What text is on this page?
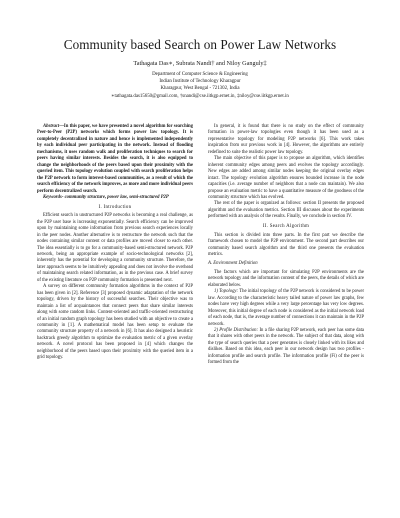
Community based Search on Power Law Networks
Tathagata Das∗, Subrata Nandi† and Niloy Ganguly‡
Department of Computer Science & Engineering
Indian Institute of Technology Kharagpur
Kharagpur, West Bengal - 721302, India
∗tathagata.das15650@gmail.com, †snandi@cse.iitkgp.ernet.in, ‡niloy@cse.iitkgp.ernet.in

Abstract—In this paper, we have presented a novel algorithm for searching Peer-to-Peer (P2P) networks which forms power law topology. It is completely decentralized in nature and hence is implemented independently by each individual peer participating in the network. Instead of flooding mechanisms, it uses random walk and proliferation techniques to search for peers having similar interests. Besides the search, it is also equipped to change the neighborhoods of the peers based upon their proximity with the queried item. This topology evolution coupled with search proliferation helps the P2P network to form interest-based communities, as a result of which the search efficiency of the network improves, as more and more individual peers perform decentralized search.

Keywords- community structure, power law, semi-structured P2P

I. Introduction

Efficient search in unstructured P2P networks is becoming a real challenge, as the P2P user base is increasing exponentially. Search efficiency can be improved upon by maintaining some information from previous search experiences locally in the peer nodes. Another alternative is to restructure the network such that the nodes containing similar content or data profiles are moved closer to each other. The idea essentially is to go for a community-based semi-structured network. P2P network, being an appropriate example of socio-technological networks [2], inherently has the potential for developing a community structure. Therefore, the later approach seems to be intuitively appealing and does not involve the overhead of maintaining search related information, as in the previous case. A brief survey of the existing literature on P2P community formation is presented next.

A survey on different community formation algorithms in the context of P2P has been given in [2]. Reference [3] proposed dynamic adaptation of the network topology, driven by the history of successful searches. Their objective was to maintain a list of acquaintances that connect peers that share similar interests along with some random links. Content-oriented and traffic-oriented restructuring of an initial random graph topology has been studied with an objective to create a community in [1]. A mathematical model has been setup to evaluate the community structure property of a network in [6]. It has also designed a heuristic backtrack greedy algorithm to optimize the evaluation metric of a given overlay network. A novel protocol has been proposed in [4] which changes the neighborhood of the peers based upon their proximity with the queried item in a grid topology.

In general, it is found that there is no study on the effect of community formation in power-law topologies even though it has been used as a representative topology for modeling P2P networks [6]. This work takes inspiration from our previous work in [4]. However, the algorithms are entirely redefined to suite the realistic power law topology.

The main objective of this paper is to propose an algorithm, which identifies inherent community edges among peers and evolves the topology accordingly. New edges are added among similar nodes keeping the original overlay edges intact. The topology evolution algorithm ensures bounded increase in the node capacities (i.e. average number of neighbors that a node can maintain). We also propose an evaluation metric to have a quantitative measure of the goodness of the community structure which has evolved.

The rest of the paper is organized as follows: section II presents the proposed algorithm and the evaluation metrics. Section III discusses about the experiments performed with an analysis of the results. Finally, we conclude in section IV.

II. Search Algorithm

This section is divided into three parts. In the first part we describe the framework chosen to model the P2P environment. The second part describes our community based search algorithm and the third one presents the evaluation metrics.

A. Environment Definition

The factors which are important for simulating P2P environments are the network topology and the information content of the peers, the details of which are elaborated below.

1) Topology: The initial topology of the P2P network is considered to be power law. According to the characteristic heavy tailed nature of power law graphs, few nodes have very high degrees while a very large percentage has very low degrees. Moreover, this initial degree of each node is considered as the initial network load of each node, that is, the average number of connections it can maintain in the P2P network.

2) Profile Distribution: In a file sharing P2P network, each peer has some data that it shares with other peers in the network. The subject of that data, along with the type of search queries that a peer generates is closely linked with its likes and dislikes. Based on this idea, each peer in our network design has two profiles - information profile and search profile. The information profile (Fi) of the peer is formed from the
